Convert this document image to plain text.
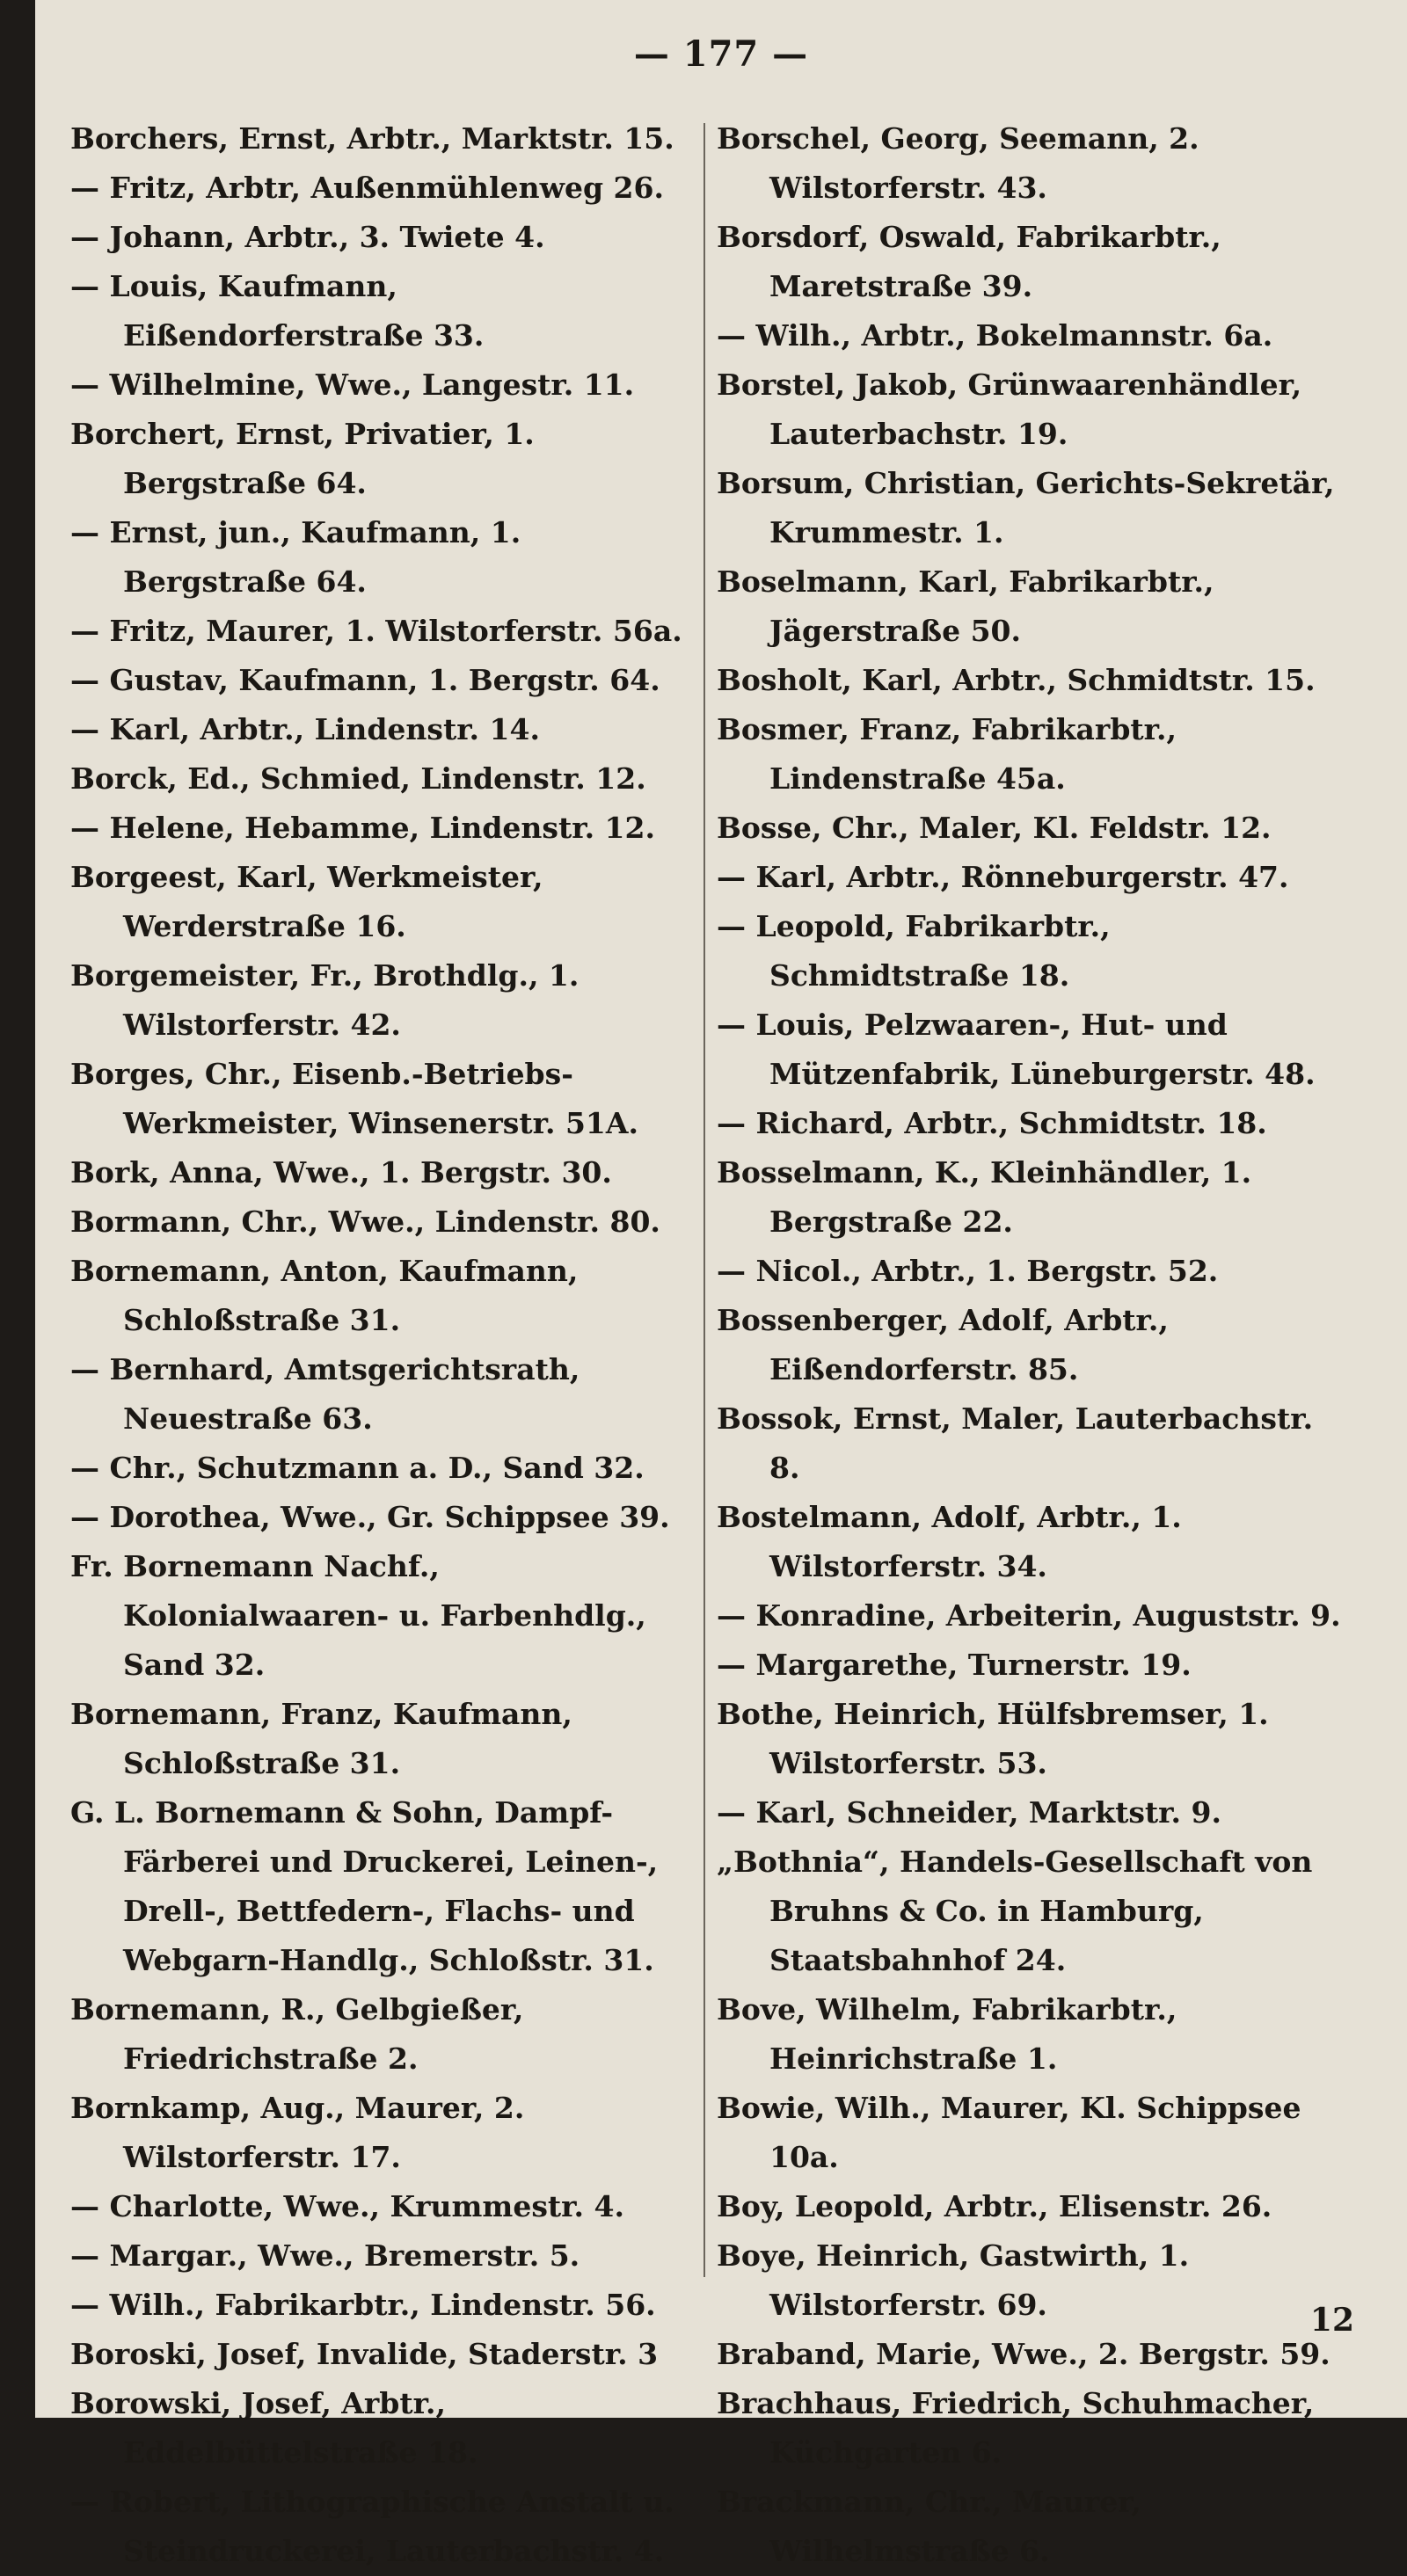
— 177 —
Borchers, Ernst, Arbtr., Marktstr. 15.
— Fritz, Arbtr, Außenmühlenweg 26.
— Johann, Arbtr., 3. Twiete 4.
— Louis, Kaufmann, Eißendorferstraße 33.
— Wilhelmine, Wwe., Langestr. 11.
Borchert, Ernst, Privatier, 1. Bergstraße 64.
— Ernst, jun., Kaufmann, 1. Bergstraße 64.
— Fritz, Maurer, 1. Wilstorferstr. 56a.
— Gustav, Kaufmann, 1. Bergstr. 64.
— Karl, Arbtr., Lindenstr. 14.
Borck, Ed., Schmied, Lindenstr. 12.
— Helene, Hebamme, Lindenstr. 12.
Borgeest, Karl, Werkmeister, Werderstraße 16.
Borgemeister, Fr., Brothdlg., 1. Wilstorferstr. 42.
Borges, Chr., Eisenb.-Betriebs-Werkmeister, Winsenerstr. 51A.
Bork, Anna, Wwe., 1. Bergstr. 30.
Bormann, Chr., Wwe., Lindenstr. 80.
Bornemann, Anton, Kaufmann, Schloßstraße 31.
— Bernhard, Amtsgerichtsrath, Neuestraße 63.
— Chr., Schutzmann a. D., Sand 32.
— Dorothea, Wwe., Gr. Schippsee 39.
Fr. Bornemann Nachf., Kolonialwaaren- u. Farbenhdlg., Sand 32.
Bornemann, Franz, Kaufmann, Schloßstraße 31.
G. L. Bornemann & Sohn, Dampf-Färberei und Druckerei, Leinen-, Drell-, Bettfedern-, Flachs- und Webgarn-Handlg., Schloßstr. 31.
Bornemann, R., Gelbgießer, Friedrichstraße 2.
Bornkamp, Aug., Maurer, 2. Wilstorferstr. 17.
— Charlotte, Wwe., Krummestr. 4.
— Margar., Wwe., Bremerstr. 5.
— Wilh., Fabrikarbtr., Lindenstr. 56.
Boroski, Josef, Invalide, Staderstr. 3
Borowski, Josef, Arbtr., Eddelbüttelstraße 18.
— Robert, Lithographische Anstalt u. Steindruckerei, Lauterbachstr. 4.
Borschel, Georg, Seemann, 2. Wilstorferstr. 43.
Borsdorf, Oswald, Fabrikarbtr., Maretstraße 39.
— Wilh., Arbtr., Bokelmannstr. 6a.
Borstel, Jakob, Grünwaarenhändler, Lauterbachstr. 19.
Borsum, Christian, Gerichts-Sekretär, Krummestr. 1.
Boselmann, Karl, Fabrikarbtr., Jägerstraße 50.
Bosholt, Karl, Arbtr., Schmidtstr. 15.
Bosmer, Franz, Fabrikarbtr., Lindenstraße 45a.
Bosse, Chr., Maler, Kl. Feldstr. 12.
— Karl, Arbtr., Rönneburgerstr. 47.
— Leopold, Fabrikarbtr., Schmidtstraße 18.
— Louis, Pelzwaaren-, Hut- und Mützenfabrik, Lüneburgerstr. 48.
— Richard, Arbtr., Schmidtstr. 18.
Bosselmann, K., Kleinhändler, 1. Bergstraße 22.
— Nicol., Arbtr., 1. Bergstr. 52.
Bossenberger, Adolf, Arbtr., Eißendorferstr. 85.
Bossok, Ernst, Maler, Lauterbachstr. 8.
Bostelmann, Adolf, Arbtr., 1. Wilstorferstr. 34.
— Konradine, Arbeiterin, Auguststr. 9.
— Margarethe, Turnerstr. 19.
Bothe, Heinrich, Hülfsbremser, 1. Wilstorferstr. 53.
— Karl, Schneider, Marktstr. 9.
„Bothnia“, Handels-Gesellschaft von Bruhns & Co. in Hamburg, Staatsbahnhof 24.
Bove, Wilhelm, Fabrikarbtr., Heinrichstraße 1.
Bowie, Wilh., Maurer, Kl. Schippsee 10a.
Boy, Leopold, Arbtr., Elisenstr. 26.
Boye, Heinrich, Gastwirth, 1. Wilstorferstr. 69.
Braband, Marie, Wwe., 2. Bergstr. 59.
Brachhaus, Friedrich, Schuhmacher, Küchgarten 6.
Brackmann, Chr., Maurer, Wilhelmstraße 6.
12
